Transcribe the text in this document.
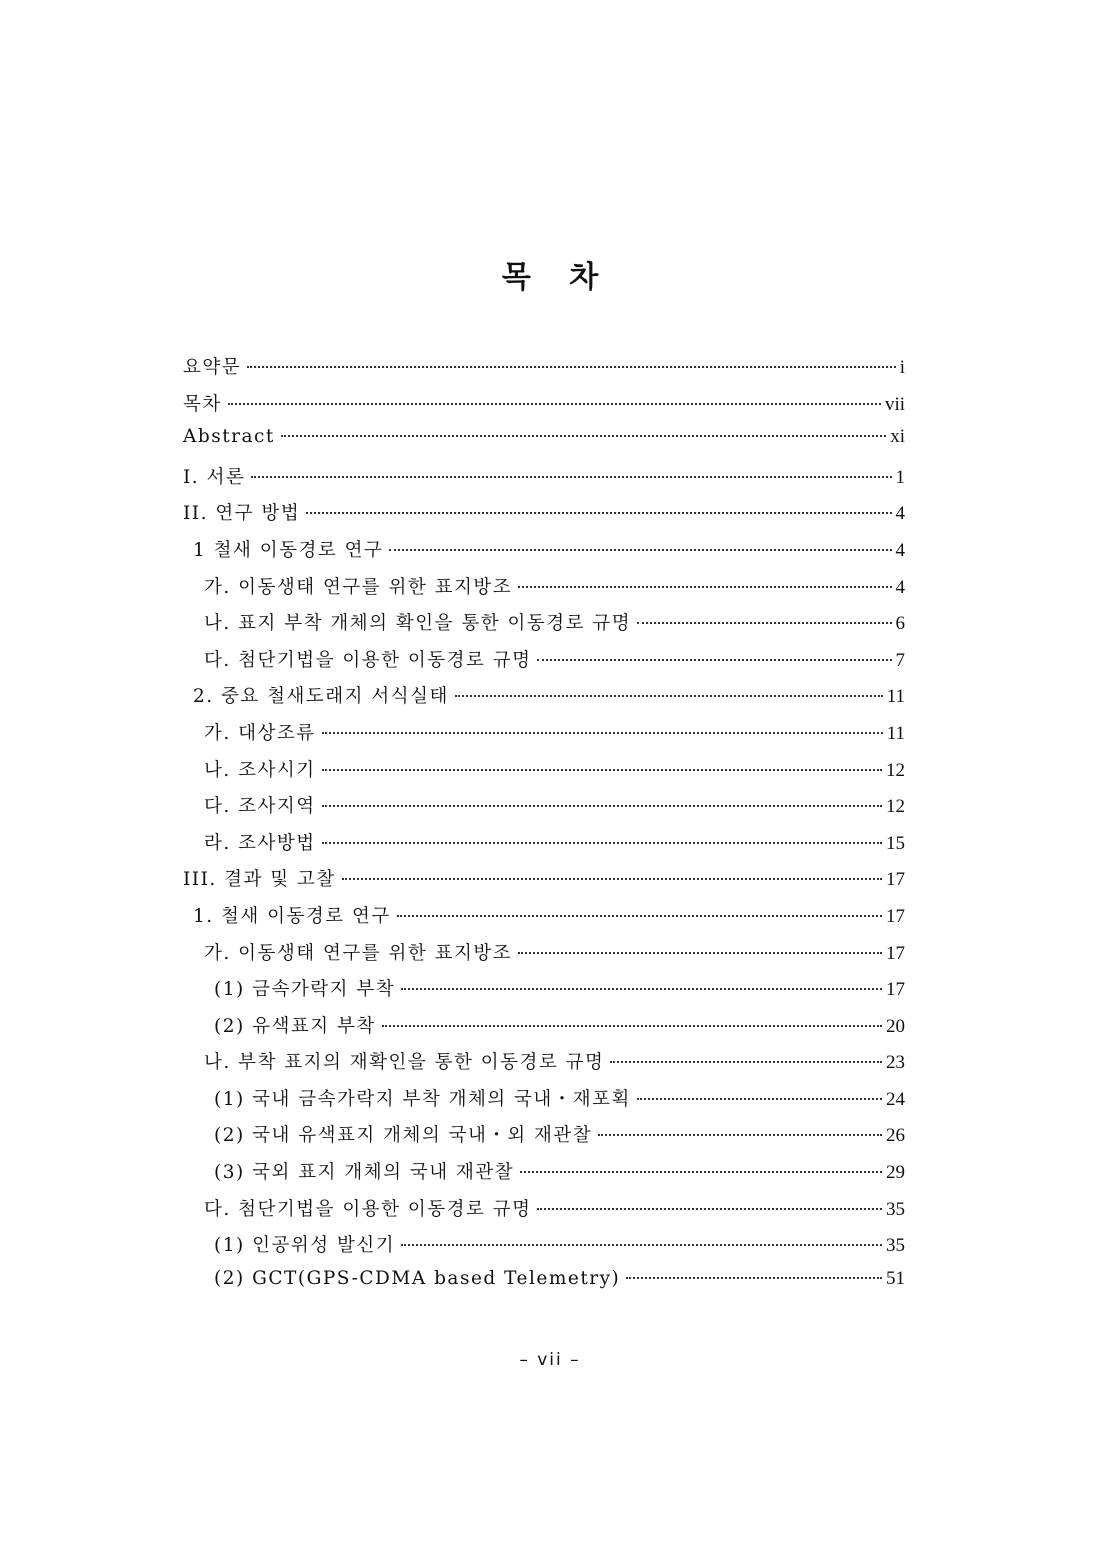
목 차
요약문	i
목차	vii
Abstract	xi
I. 서론	1
II. 연구 방법	4
1 철새 이동경로 연구	4
가. 이동생태 연구를 위한 표지방조	4
나. 표지 부착 개체의 확인을 통한 이동경로 규명	6
다. 첨단기법을 이용한 이동경로 규명	7
2. 중요 철새도래지 서식실태	11
가. 대상조류	11
나. 조사시기	12
다. 조사지역	12
라. 조사방법	15
III. 결과 및 고찰	17
1. 철새 이동경로 연구	17
가. 이동생태 연구를 위한 표지방조	17
(1) 금속가락지 부착	17
(2) 유색표지 부착	20
나. 부착 표지의 재확인을 통한 이동경로 규명	23
(1) 국내 금속가락지 부착 개체의 국내・재포획	24
(2) 국내 유색표지 개체의 국내・외 재관찰	26
(3) 국외 표지 개체의 국내 재관찰	29
다. 첨단기법을 이용한 이동경로 규명	35
(1) 인공위성 발신기	35
(2) GCT(GPS-CDMA based Telemetry)	51
– vii –
